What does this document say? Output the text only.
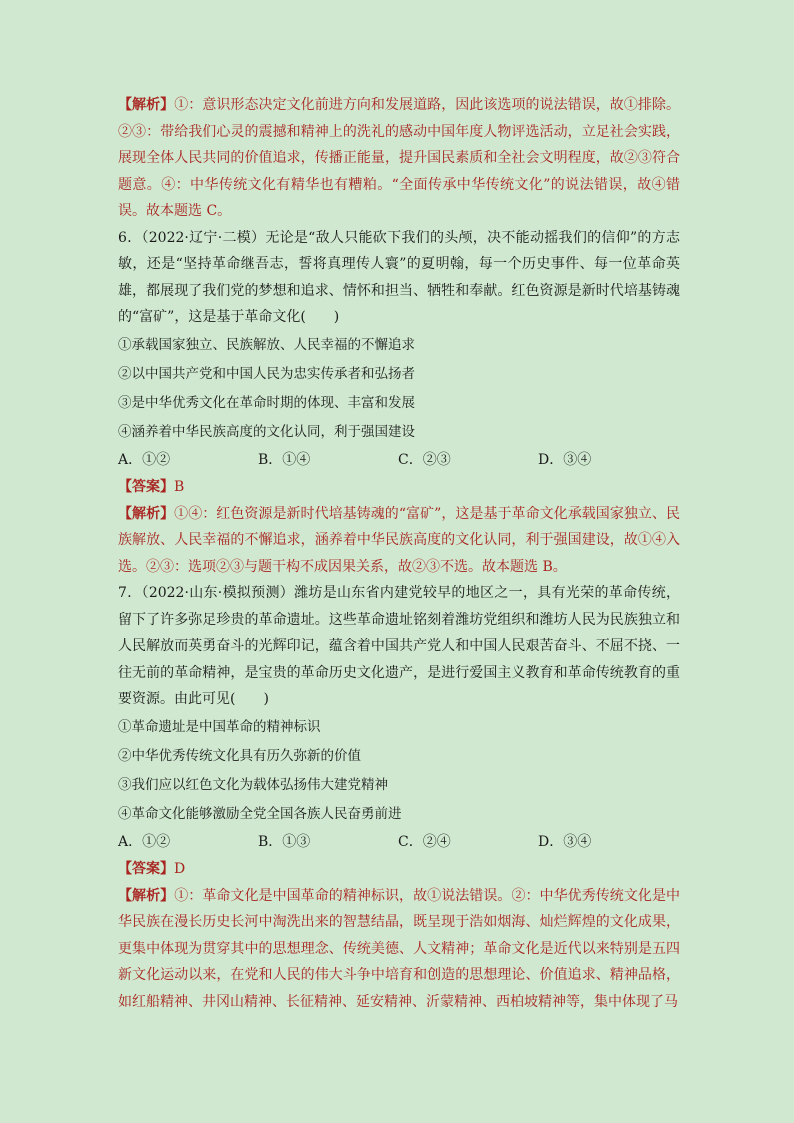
【解析】①：意识形态决定文化前进方向和发展道路，因此该选项的说法错误，故①排除。②③：带给我们心灵的震撼和精神上的洗礼的感动中国年度人物评选活动，立足社会实践，展现全体人民共同的价值追求，传播正能量，提升国民素质和全社会文明程度，故②③符合题意。④：中华传统文化有精华也有糟粕。“全面传承中华传统文化”的说法错误，故④错误。故本题选 C。

6．（2022·辽宁·二模）无论是“敌人只能砍下我们的头颅，决不能动摇我们的信仰”的方志敏，还是“坚持革命继吾志，誓将真理传人寰”的夏明翰，每一个历史事件、每一位革命英雄，都展现了我们党的梦想和追求、情怀和担当、牺牲和奉献。红色资源是新时代培基铸魂的“富矿”，这是基于革命文化(　　)

①承载国家独立、民族解放、人民幸福的不懈追求

②以中国共产党和中国人民为忠实传承者和弘扬者

③是中华优秀文化在革命时期的体现、丰富和发展

④涵养着中华民族高度的文化认同，利于强国建设

A．①②	B．①④	C．②③	D．③④
【答案】B

【解析】①④：红色资源是新时代培基铸魂的“富矿”，这是基于革命文化承载国家独立、民族解放、人民幸福的不懈追求，涵养着中华民族高度的文化认同，利于强国建设，故①④入选。②③：选项②③与题干构不成因果关系，故②③不选。故本题选 B。

7．（2022·山东·模拟预测）潍坊是山东省内建党较早的地区之一，具有光荣的革命传统，留下了许多弥足珍贵的革命遗址。这些革命遗址铭刻着潍坊党组织和潍坊人民为民族独立和人民解放而英勇奋斗的光辉印记，蕴含着中国共产党人和中国人民艰苦奋斗、不屈不挠、一往无前的革命精神，是宝贵的革命历史文化遗产，是进行爱国主义教育和革命传统教育的重要资源。由此可见(　　)

①革命遗址是中国革命的精神标识

②中华优秀传统文化具有历久弥新的价值

③我们应以红色文化为载体弘扬伟大建党精神

④革命文化能够激励全党全国各族人民奋勇前进

A．①②	B．①③	C．②④	D．③④
【答案】D

【解析】①：革命文化是中国革命的精神标识，故①说法错误。②：中华优秀传统文化是中华民族在漫长历史长河中淘洗出来的智慧结晶，既呈现于浩如烟海、灿烂辉煌的文化成果，更集中体现为贯穿其中的思想理念、传统美德、人文精神；革命文化是近代以来特别是五四新文化运动以来，在党和人民的伟大斗争中培育和创造的思想理论、价值追求、精神品格，如红船精神、井冈山精神、长征精神、延安精神、沂蒙精神、西柏坡精神等，集中体现了马
